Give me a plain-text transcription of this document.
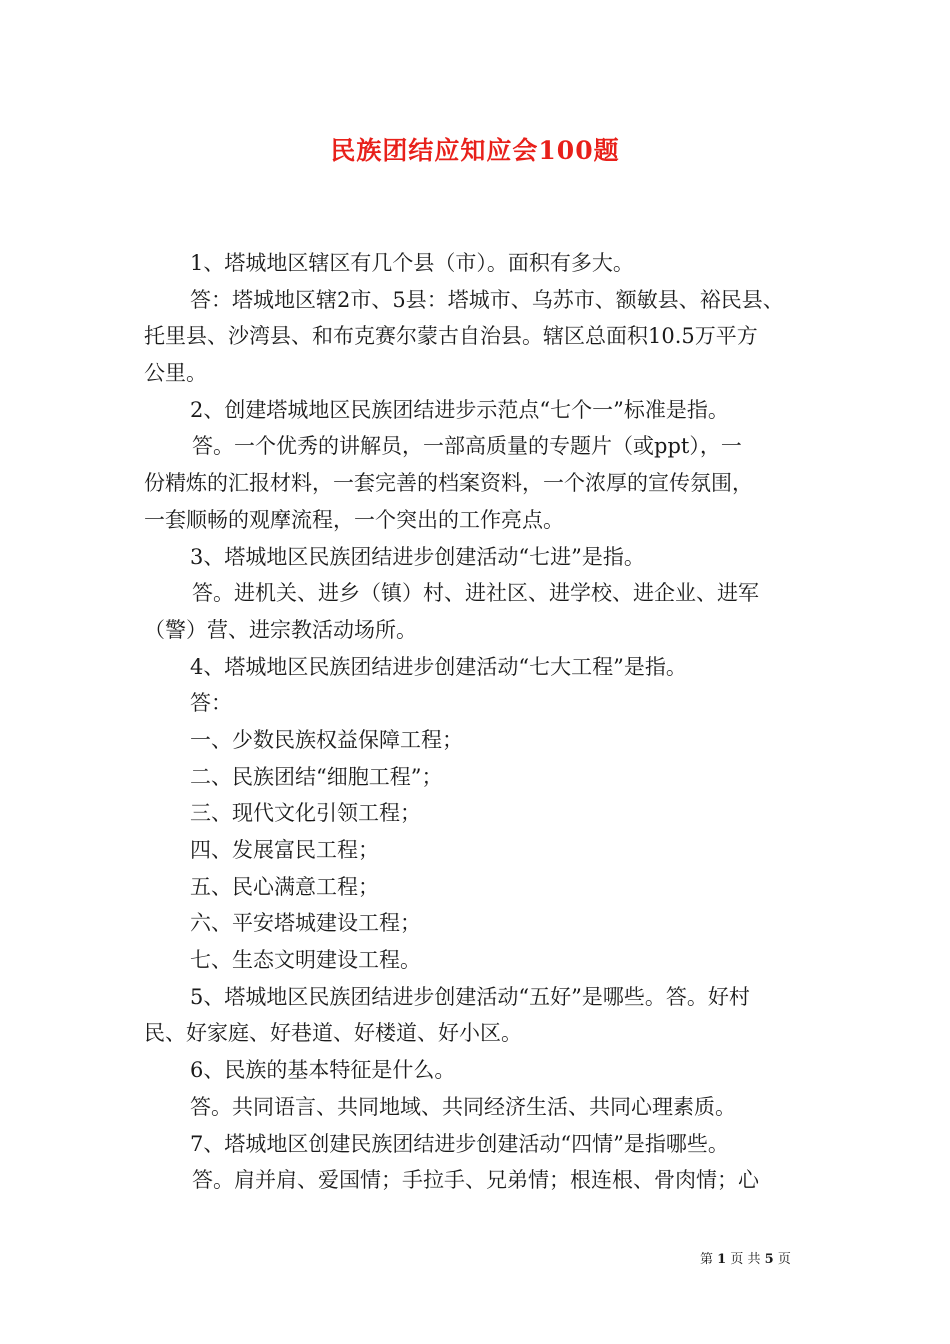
民族团结应知应会100题
1、塔城地区辖区有几个县（市）。面积有多大。
答：塔城地区辖2市、5县：塔城市、乌苏市、额敏县、裕民县、
托里县、沙湾县、和布克赛尔蒙古自治县。辖区总面积10.5万平方
公里。
2、创建塔城地区民族团结进步示范点“七个一”标准是指。
答。一个优秀的讲解员，一部高质量的专题片（或ppt），一
份精炼的汇报材料，一套完善的档案资料，一个浓厚的宣传氛围，
一套顺畅的观摩流程，一个突出的工作亮点。
3、塔城地区民族团结进步创建活动“七进”是指。
答。进机关、进乡（镇）村、进社区、进学校、进企业、进军
（警）营、进宗教活动场所。
4、塔城地区民族团结进步创建活动“七大工程”是指。
答：
一、少数民族权益保障工程；
二、民族团结“细胞工程”；
三、现代文化引领工程；
四、发展富民工程；
五、民心满意工程；
六、平安塔城建设工程；
七、生态文明建设工程。
5、塔城地区民族团结进步创建活动“五好”是哪些。答。好村
民、好家庭、好巷道、好楼道、好小区。
6、民族的基本特征是什么。
答。共同语言、共同地域、共同经济生活、共同心理素质。
7、塔城地区创建民族团结进步创建活动“四情”是指哪些。
答。肩并肩、爱国情；手拉手、兄弟情；根连根、骨肉情；心
第 1 页 共 5 页
